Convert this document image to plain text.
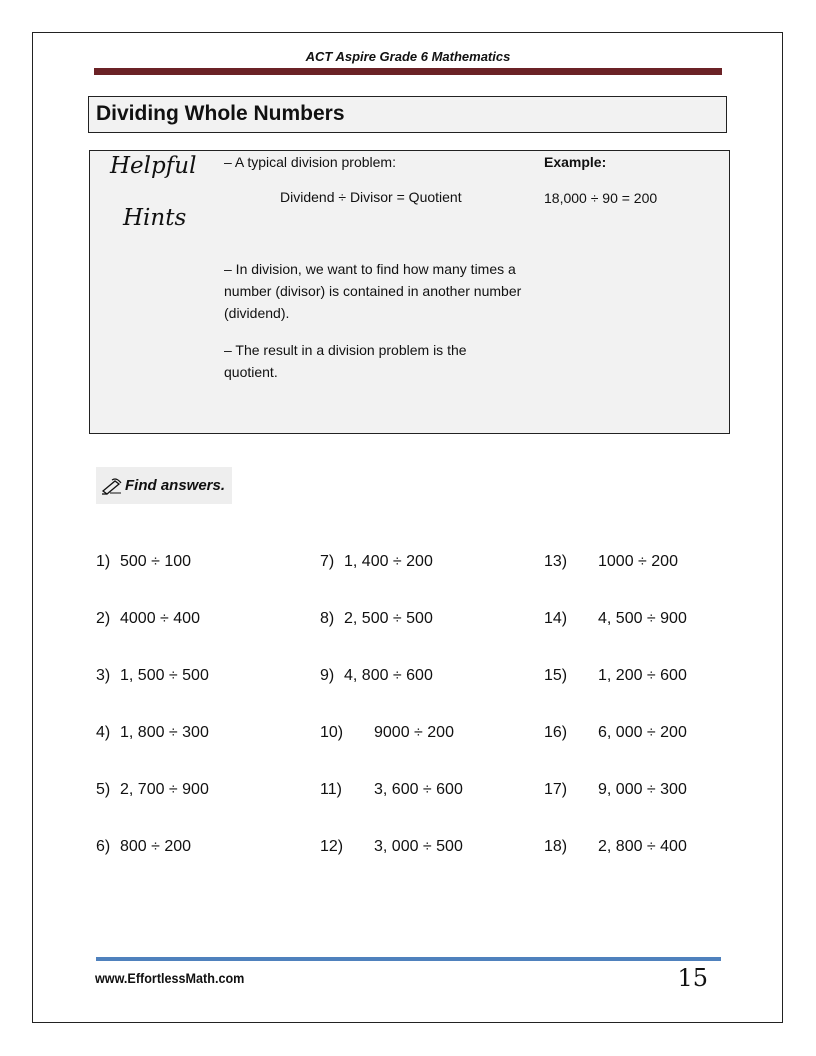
ACT Aspire Grade 6 Mathematics
Dividing Whole Numbers
Helpful
Hints
– A typical division problem:
Dividend ÷ Divisor = Quotient
Example:
18,000 ÷ 90 = 200
– In division, we want to find how many times a number (divisor) is contained in another number (dividend).
– The result in a division problem is the quotient.
Find answers.
1) 500 ÷ 100
2) 4000 ÷ 400
3) 1, 500 ÷ 500
4) 1, 800 ÷ 300
5) 2, 700 ÷ 900
6) 800 ÷ 200
7) 1, 400 ÷ 200
8) 2, 500 ÷ 500
9) 4, 800 ÷ 600
10) 9000 ÷ 200
11) 3, 600 ÷ 600
12) 3, 000 ÷ 500
13) 1000 ÷ 200
14) 4, 500 ÷ 900
15) 1, 200 ÷ 600
16) 6, 000 ÷ 200
17) 9, 000 ÷ 300
18) 2, 800 ÷ 400
www.EffortlessMath.com	15
